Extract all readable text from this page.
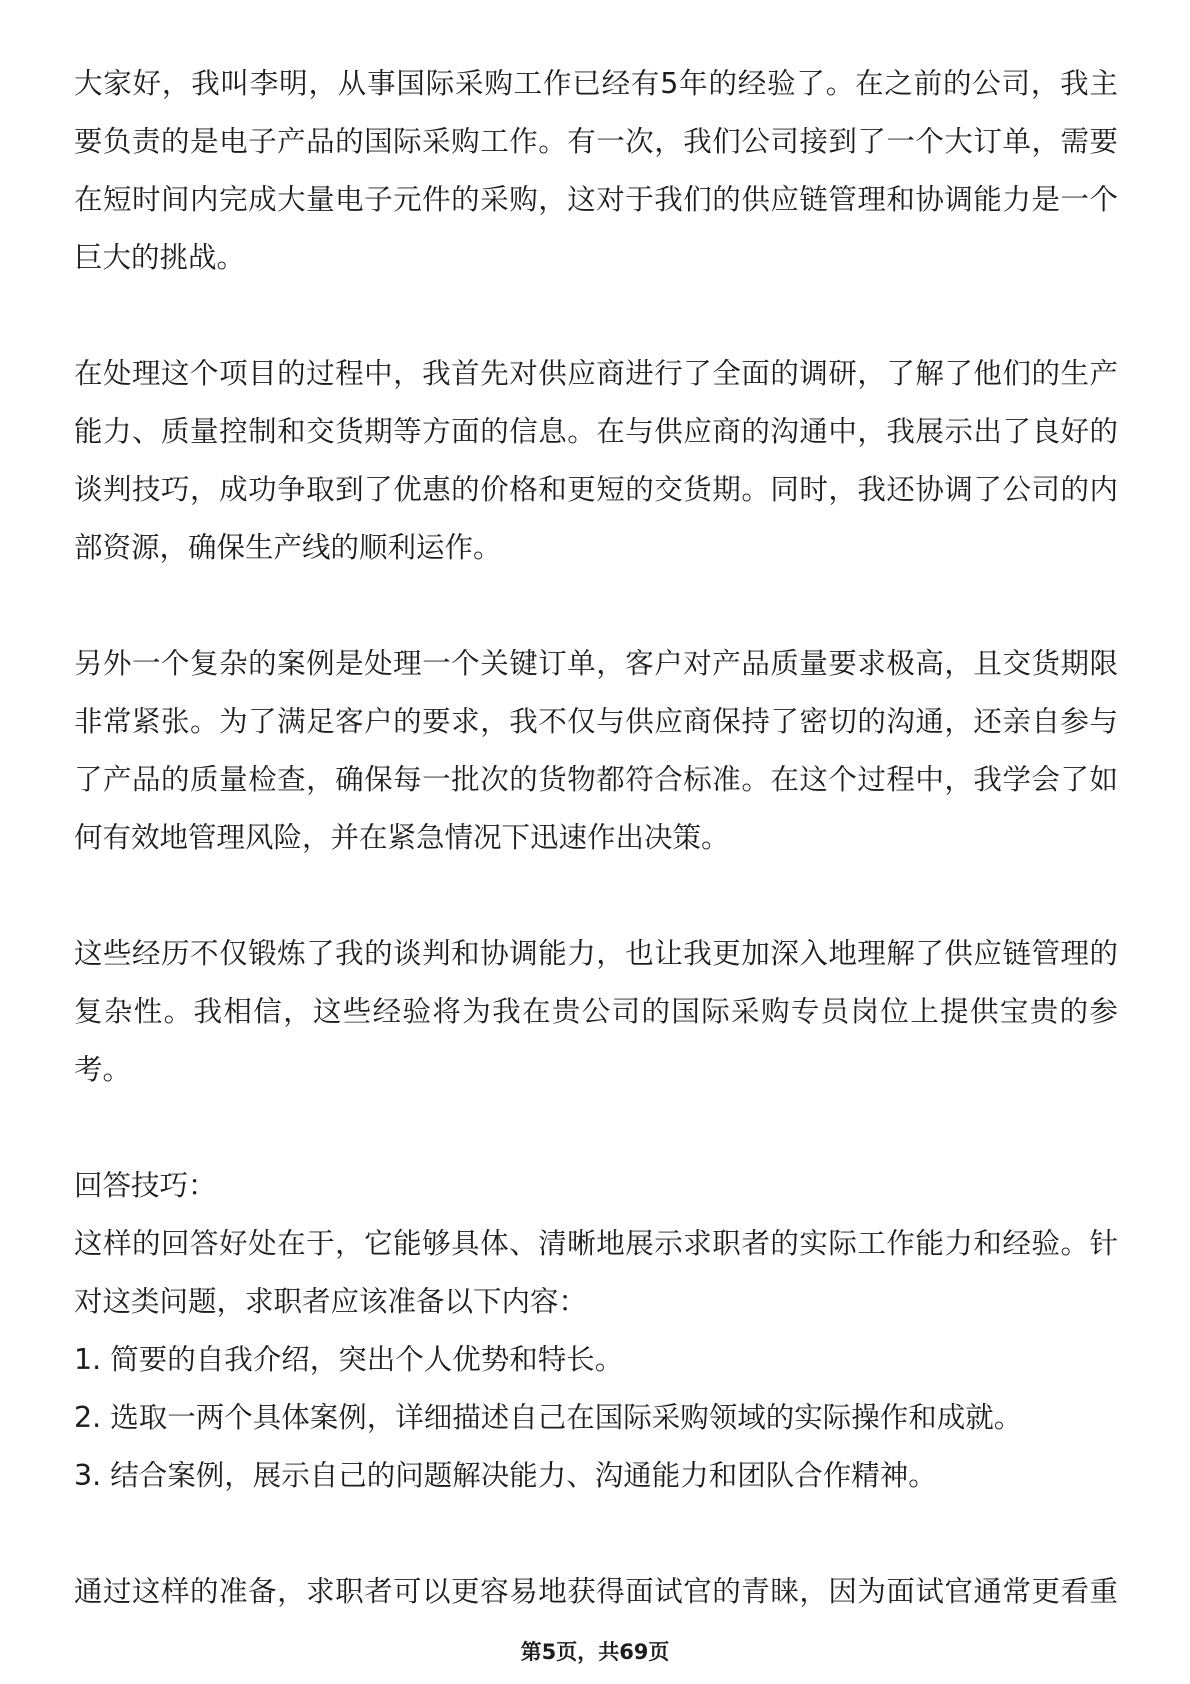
大家好，我叫李明，从事国际采购工作已经有5年的经验了。在之前的公司，我主
要负责的是电子产品的国际采购工作。有一次，我们公司接到了一个大订单，需要
在短时间内完成大量电子元件的采购，这对于我们的供应链管理和协调能力是一个
巨大的挑战。
在处理这个项目的过程中，我首先对供应商进行了全面的调研，了解了他们的生产
能力、质量控制和交货期等方面的信息。在与供应商的沟通中，我展示出了良好的
谈判技巧，成功争取到了优惠的价格和更短的交货期。同时，我还协调了公司的内
部资源，确保生产线的顺利运作。
另外一个复杂的案例是处理一个关键订单，客户对产品质量要求极高，且交货期限
非常紧张。为了满足客户的要求，我不仅与供应商保持了密切的沟通，还亲自参与
了产品的质量检查，确保每一批次的货物都符合标准。在这个过程中，我学会了如
何有效地管理风险，并在紧急情况下迅速作出决策。
这些经历不仅锻炼了我的谈判和协调能力，也让我更加深入地理解了供应链管理的
复杂性。我相信，这些经验将为我在贵公司的国际采购专员岗位上提供宝贵的参
考。
回答技巧：
这样的回答好处在于，它能够具体、清晰地展示求职者的实际工作能力和经验。针
对这类问题，求职者应该准备以下内容：
1. 简要的自我介绍，突出个人优势和特长。
2. 选取一两个具体案例，详细描述自己在国际采购领域的实际操作和成就。
3. 结合案例，展示自己的问题解决能力、沟通能力和团队合作精神。
通过这样的准备，求职者可以更容易地获得面试官的青睐，因为面试官通常更看重
第5页，共69页
